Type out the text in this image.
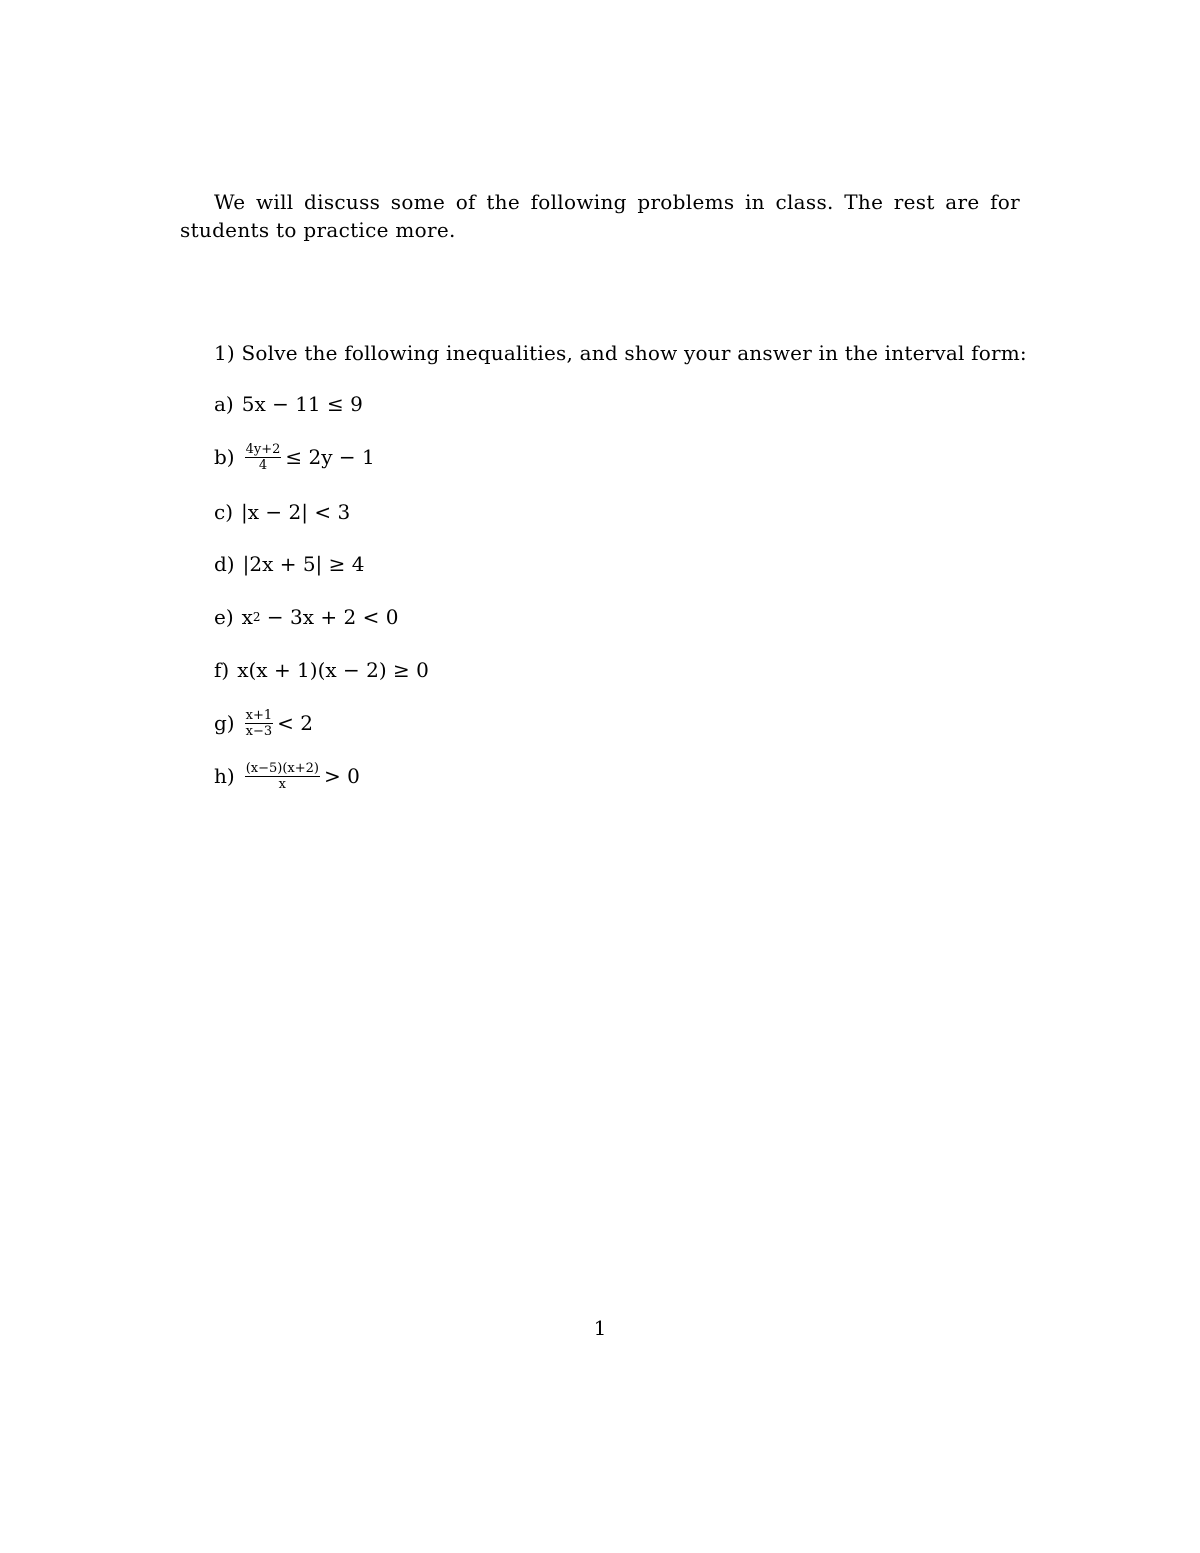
We will discuss some of the following problems in class. The rest are for students to practice more.

1) Solve the following inequalities, and show your answer in the interval form:
a) 5x − 11 ≤ 9
$b) \frac{4y+2}{4} \le 2y - 1$
c) |x − 2| < 3
d) |2x + 5| ≥ 4
e) x 2
− 3x + 2 < 0
f) x(x + 1)(x − 2) ≥ 0
$g) \frac{x+1}{x-3} < 2$
$h) \frac{(x-5)(x+2)}{x} > 0$
1
